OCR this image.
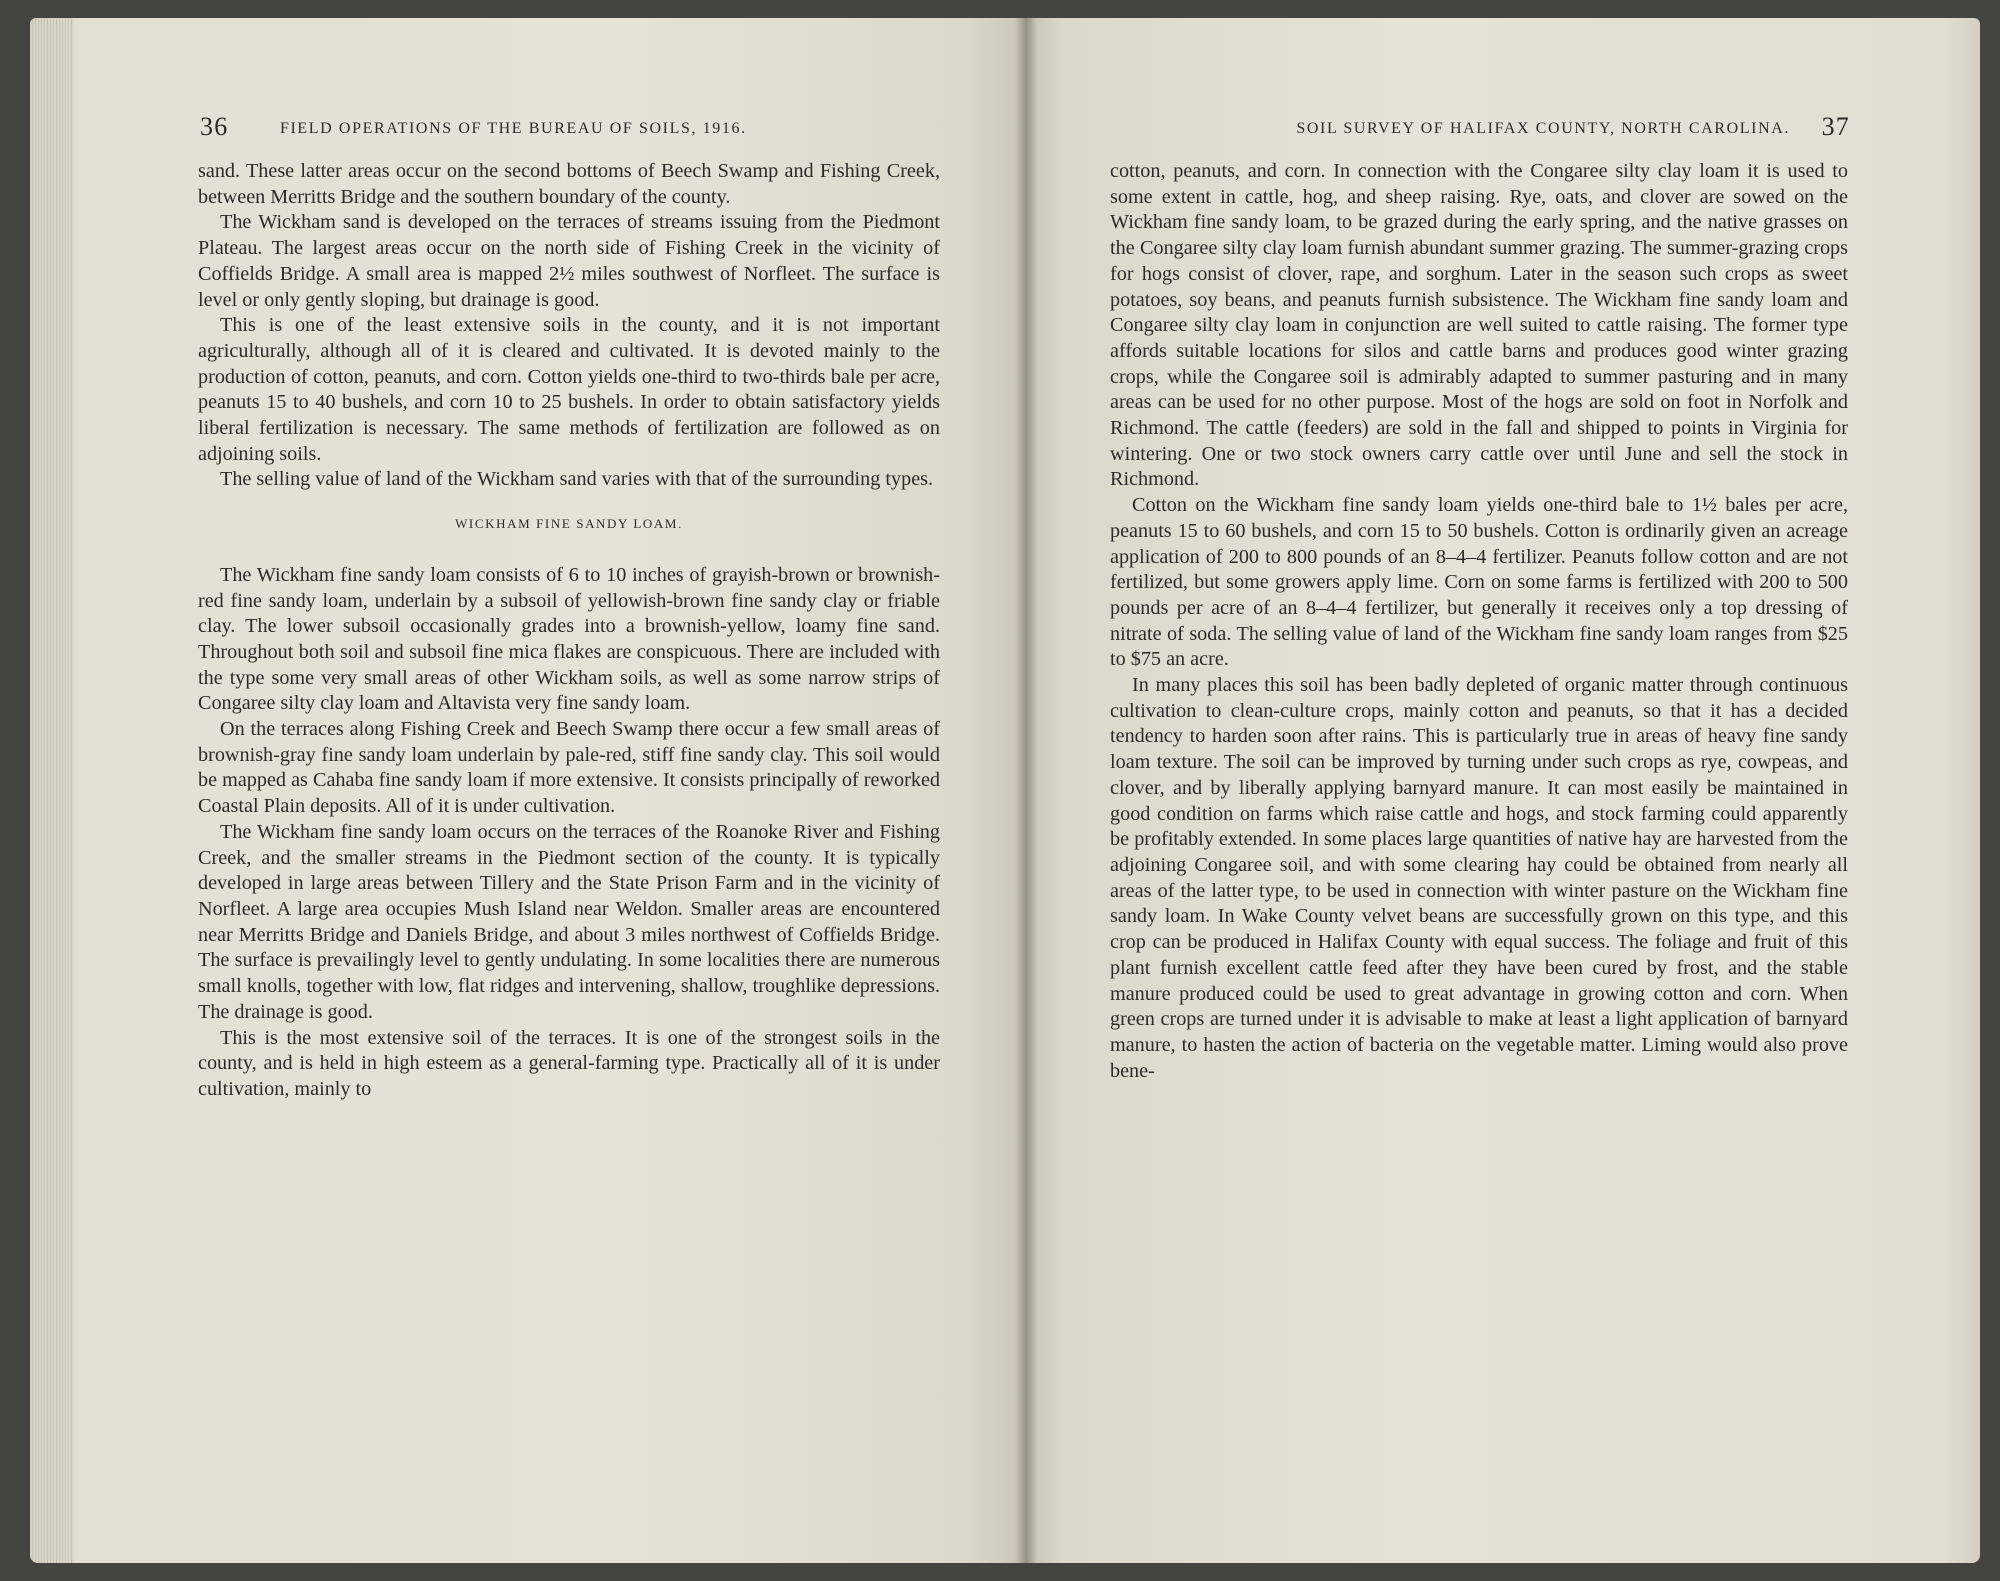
36	FIELD OPERATIONS OF THE BUREAU OF SOILS, 1916.

sand. These latter areas occur on the second bottoms of Beech Swamp and Fishing Creek, between Merritts Bridge and the southern boundary of the county.

The Wickham sand is developed on the terraces of streams issuing from the Piedmont Plateau. The largest areas occur on the north side of Fishing Creek in the vicinity of Coffields Bridge. A small area is mapped 2½ miles southwest of Norfleet. The surface is level or only gently sloping, but drainage is good.

This is one of the least extensive soils in the county, and it is not important agriculturally, although all of it is cleared and cultivated. It is devoted mainly to the production of cotton, peanuts, and corn. Cotton yields one-third to two-thirds bale per acre, peanuts 15 to 40 bushels, and corn 10 to 25 bushels. In order to obtain satisfactory yields liberal fertilization is necessary. The same methods of fertilization are followed as on adjoining soils.

The selling value of land of the Wickham sand varies with that of the surrounding types.

WICKHAM FINE SANDY LOAM.

The Wickham fine sandy loam consists of 6 to 10 inches of grayish-brown or brownish-red fine sandy loam, underlain by a subsoil of yellowish-brown fine sandy clay or friable clay. The lower subsoil occasionally grades into a brownish-yellow, loamy fine sand. Throughout both soil and subsoil fine mica flakes are conspicuous. There are included with the type some very small areas of other Wickham soils, as well as some narrow strips of Congaree silty clay loam and Altavista very fine sandy loam.

On the terraces along Fishing Creek and Beech Swamp there occur a few small areas of brownish-gray fine sandy loam underlain by pale-red, stiff fine sandy clay. This soil would be mapped as Cahaba fine sandy loam if more extensive. It consists principally of reworked Coastal Plain deposits. All of it is under cultivation.

The Wickham fine sandy loam occurs on the terraces of the Roanoke River and Fishing Creek, and the smaller streams in the Piedmont section of the county. It is typically developed in large areas between Tillery and the State Prison Farm and in the vicinity of Norfleet. A large area occupies Mush Island near Weldon. Smaller areas are encountered near Merritts Bridge and Daniels Bridge, and about 3 miles northwest of Coffields Bridge. The surface is prevailingly level to gently undulating. In some localities there are numerous small knolls, together with low, flat ridges and intervening, shallow, troughlike depressions. The drainage is good.

This is the most extensive soil of the terraces. It is one of the strongest soils in the county, and is held in high esteem as a general-farming type. Practically all of it is under cultivation, mainly to

SOIL SURVEY OF HALIFAX COUNTY, NORTH CAROLINA. 37

cotton, peanuts, and corn. In connection with the Congaree silty clay loam it is used to some extent in cattle, hog, and sheep raising. Rye, oats, and clover are sowed on the Wickham fine sandy loam, to be grazed during the early spring, and the native grasses on the Congaree silty clay loam furnish abundant summer grazing. The summer-grazing crops for hogs consist of clover, rape, and sorghum. Later in the season such crops as sweet potatoes, soy beans, and peanuts furnish subsistence. The Wickham fine sandy loam and Congaree silty clay loam in conjunction are well suited to cattle raising. The former type affords suitable locations for silos and cattle barns and produces good winter grazing crops, while the Congaree soil is admirably adapted to summer pasturing and in many areas can be used for no other purpose. Most of the hogs are sold on foot in Norfolk and Richmond. The cattle (feeders) are sold in the fall and shipped to points in Virginia for wintering. One or two stock owners carry cattle over until June and sell the stock in Richmond.

Cotton on the Wickham fine sandy loam yields one-third bale to 1½ bales per acre, peanuts 15 to 60 bushels, and corn 15 to 50 bushels. Cotton is ordinarily given an acreage application of 200 to 800 pounds of an 8–4–4 fertilizer. Peanuts follow cotton and are not fertilized, but some growers apply lime. Corn on some farms is fertilized with 200 to 500 pounds per acre of an 8–4–4 fertilizer, but generally it receives only a top dressing of nitrate of soda. The selling value of land of the Wickham fine sandy loam ranges from $25 to $75 an acre.

In many places this soil has been badly depleted of organic matter through continuous cultivation to clean-culture crops, mainly cotton and peanuts, so that it has a decided tendency to harden soon after rains. This is particularly true in areas of heavy fine sandy loam texture. The soil can be improved by turning under such crops as rye, cowpeas, and clover, and by liberally applying barnyard manure. It can most easily be maintained in good condition on farms which raise cattle and hogs, and stock farming could apparently be profitably extended. In some places large quantities of native hay are harvested from the adjoining Congaree soil, and with some clearing hay could be obtained from nearly all areas of the latter type, to be used in connection with winter pasture on the Wickham fine sandy loam. In Wake County velvet beans are successfully grown on this type, and this crop can be produced in Halifax County with equal success. The foliage and fruit of this plant furnish excellent cattle feed after they have been cured by frost, and the stable manure produced could be used to great advantage in growing cotton and corn. When green crops are turned under it is advisable to make at least a light application of barnyard manure, to hasten the action of bacteria on the vegetable matter. Liming would also prove bene-
